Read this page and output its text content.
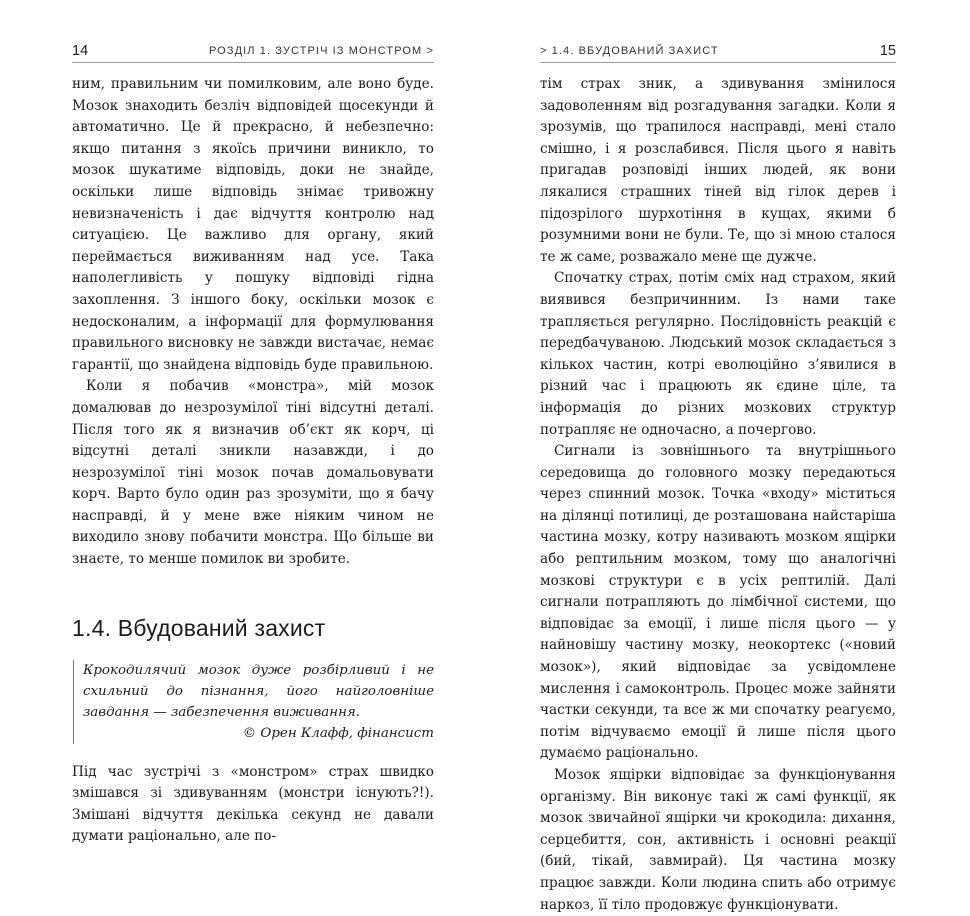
14	РОЗДІЛ 1. ЗУСТРІЧ ІЗ МОНСТРОМ >

ним, правильним чи помилковим, але воно буде. Мозок знаходить безліч відповідей щосекунди й автоматично. Це й прекрасно, й небезпечно: якщо питання з якоїсь причини виникло, то мозок шукатиме відповідь, доки не знайде, оскільки лише відповідь знімає тривожну невизначеність і дає відчуття контролю над ситуацією. Це важливо для органу, який переймається виживанням над усе. Така наполегливість у пошуку відповіді гідна захоплення. З іншого боку, оскільки мозок є недосконалим, а інформації для формулювання правильного висновку не завжди вистачає, немає гарантії, що знайдена відповідь буде правильною.

Коли я побачив «монстра», мій мозок домалював до незрозумілої тіні відсутні деталі. Після того як я визначив об’єкт як корч, ці відсутні деталі зникли назавжди, і до незрозумілої тіні мозок почав домальовувати корч. Варто було один раз зрозуміти, що я бачу насправді, й у мене вже ніяким чином не виходило знову побачити монстра. Що більше ви знаєте, то менше помилок ви зробите.

1.4. Вбудований захист

Крокодилячий мозок дуже розбірливий і не схильний до пізнання, його найголовніше завдання — забезпечення виживання.

© Орен Клафф, фінансист

Під час зустрічі з «монстром» страх швидко змішався зі здивуванням (монстри існують?!). Змішані відчуття декілька секунд не давали думати раціонально, але по-

> 1.4. ВБУДОВАНИЙ ЗАХИСТ	15

тім страх зник, а здивування змінилося задоволенням від розгадування загадки. Коли я зрозумів, що трапилося насправді, мені стало смішно, і я розслабився. Після цього я навіть пригадав розповіді інших людей, як вони лякалися страшних тіней від гілок дерев і підозрілого шурхотіння в кущах, якими б розумними вони не були. Те, що зі мною сталося те ж саме, розважало мене ще дужче.

Спочатку страх, потім сміх над страхом, який виявився безпричинним. Із нами таке трапляється регулярно. Послідовність реакцій є передбачуваною. Людський мозок складається з кількох частин, котрі еволюційно з’явилися в різний час і працюють як єдине ціле, та інформація до різних мозкових структур потрапляє не одночасно, а почергово.

Сигнали із зовнішнього та внутрішнього середовища до головного мозку передаються через спинний мозок. Точка «входу» міститься на ділянці потилиці, де розташована найстаріша частина мозку, котру називають мозком ящірки або рептильним мозком, тому що аналогічні мозкові структури є в усіх рептилій. Далі сигнали потрапляють до лімбічної системи, що відповідає за емоції, і лише після цього — у найновішу частину мозку, неокортекс («новий мозок»), який відповідає за усвідомлене мислення і самоконтроль. Процес може зайняти частки секунди, та все ж ми спочатку реагуємо, потім відчуваємо емоції й лише після цього думаємо раціонально.

Мозок ящірки відповідає за функціонування організму. Він виконує такі ж самі функції, як мозок звичайної ящірки чи крокодила: дихання, серцебиття, сон, активність і основні реакції (бий, тікай, завмирай). Ця частина мозку працює завжди. Коли людина спить або отримує наркоз, її тіло продовжує функціонувати.
